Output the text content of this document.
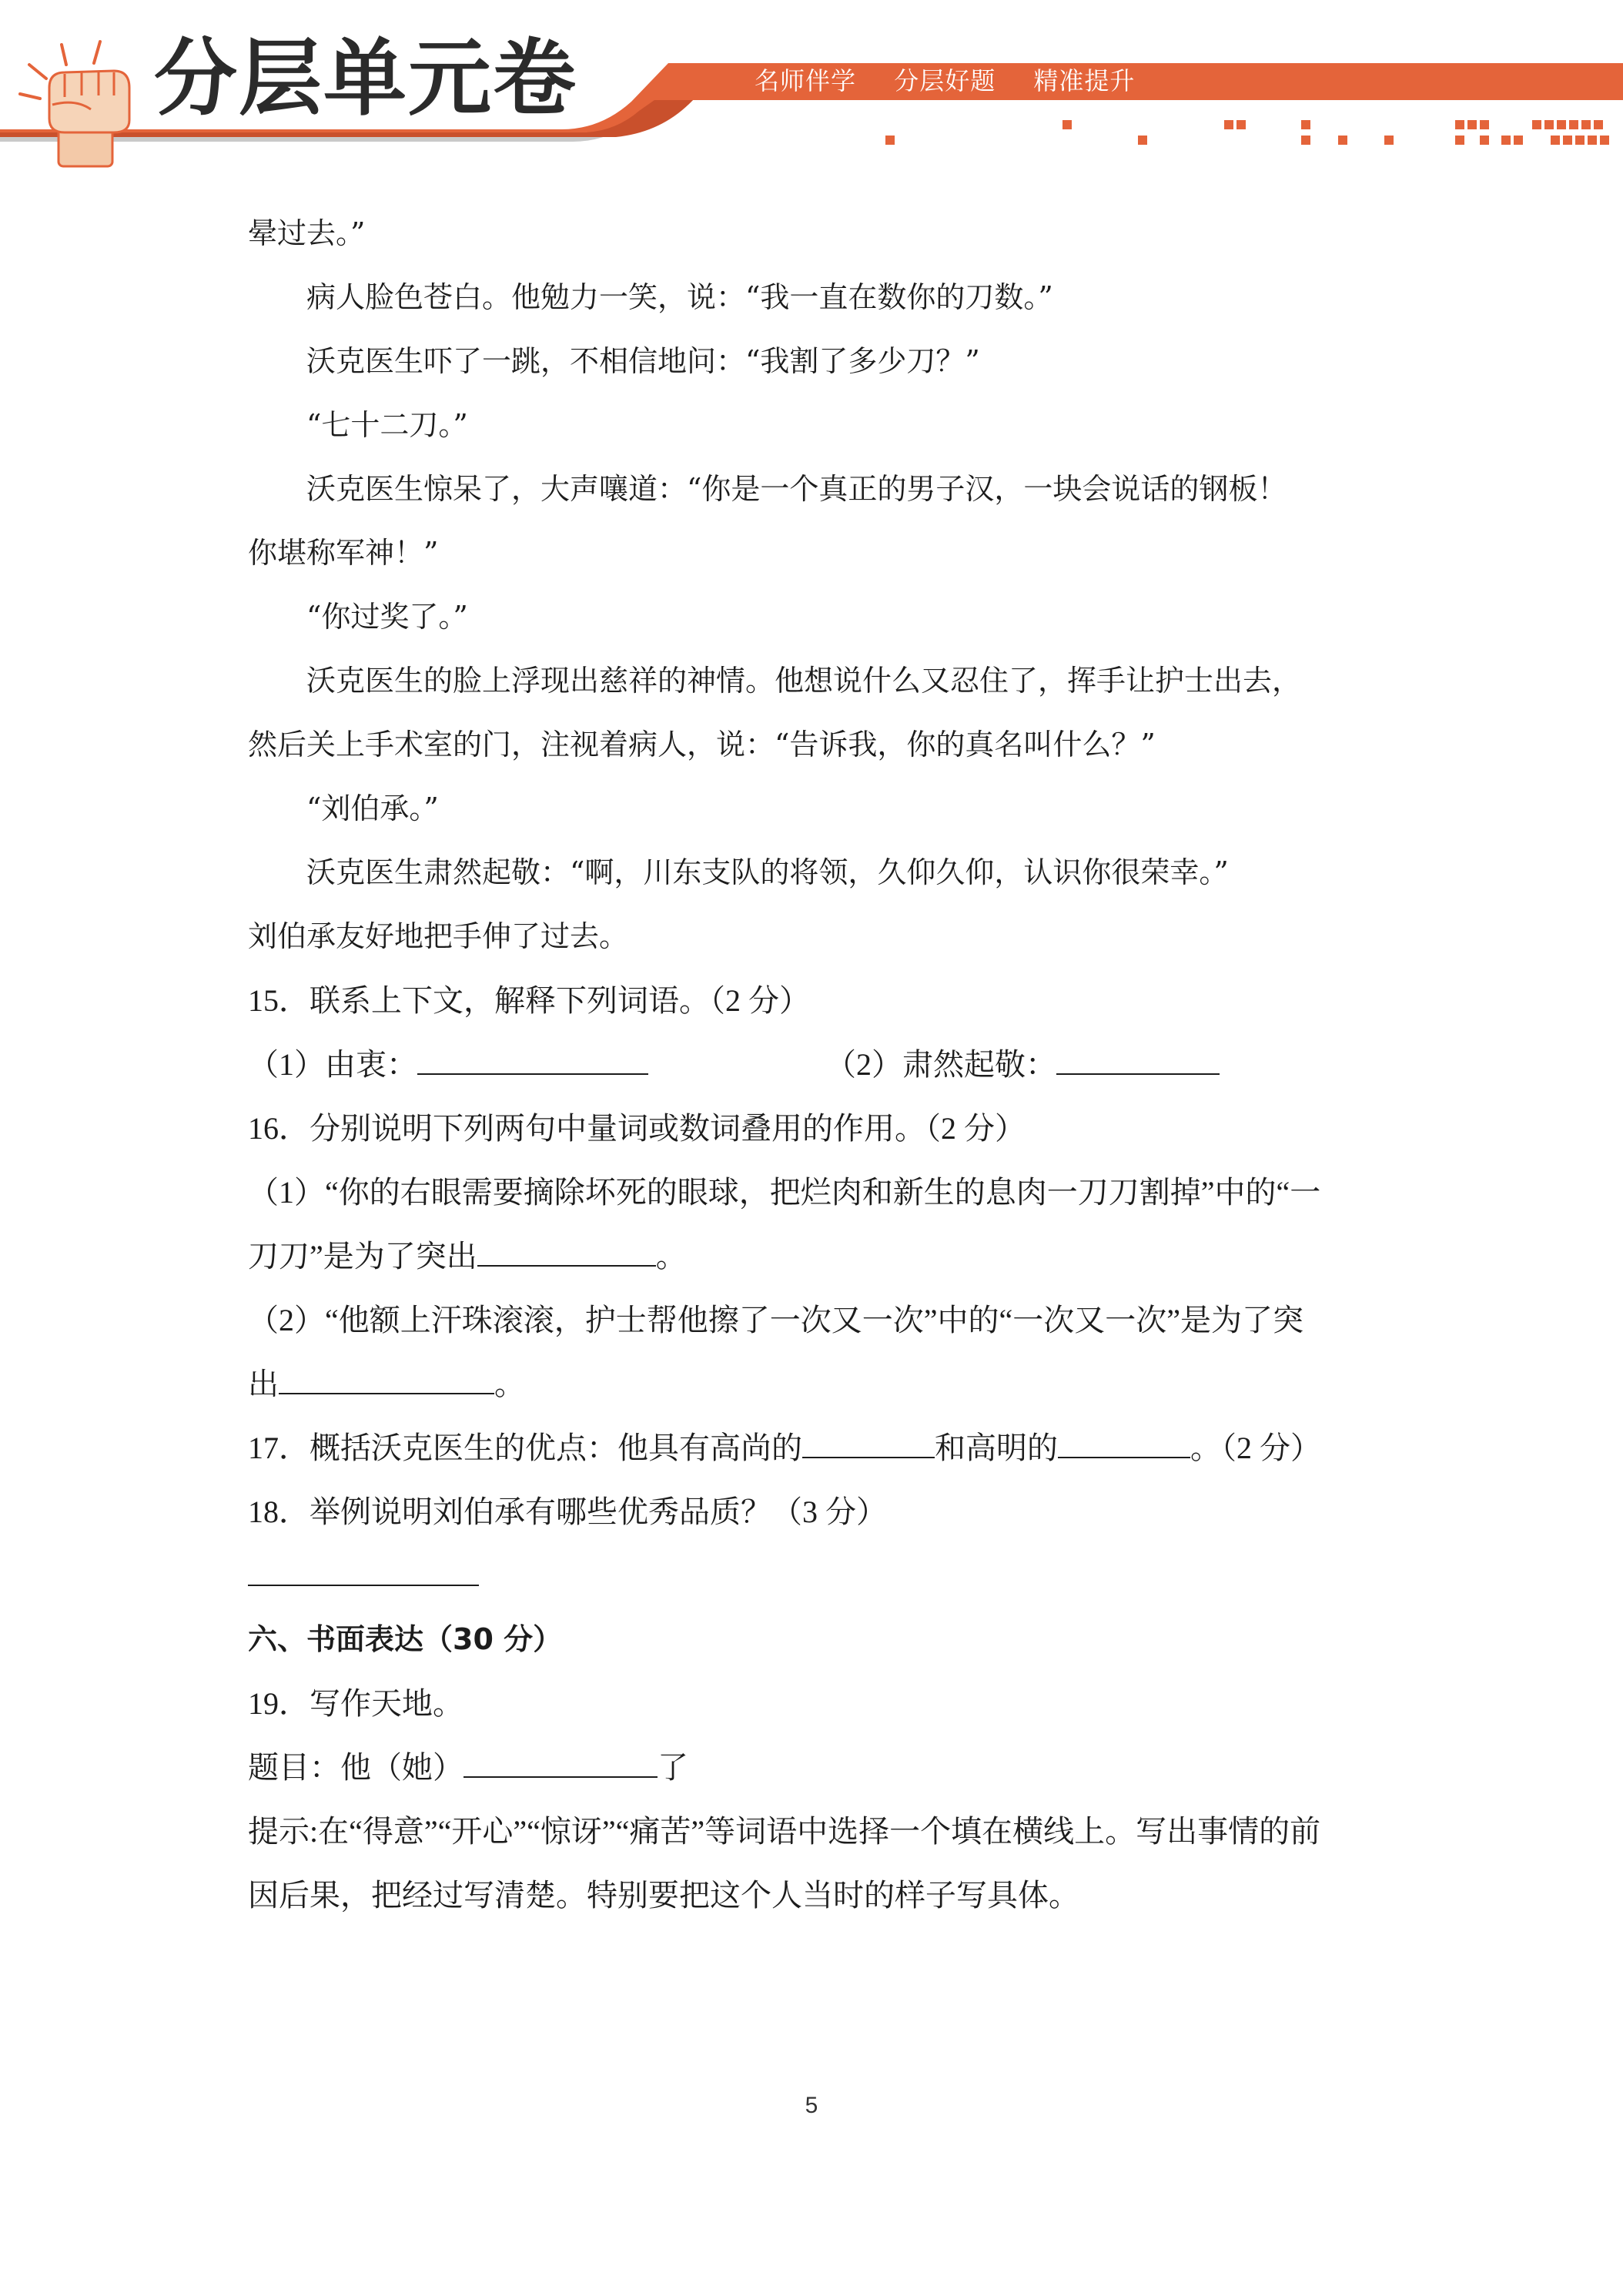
分层单元卷	名师伴学 分层好题 精准提升

晕过去。”

病人脸色苍白。他勉力一笑，说：“我一直在数你的刀数。”

沃克医生吓了一跳，不相信地问：“我割了多少刀？”

“七十二刀。”

沃克医生惊呆了，大声嚷道：“你是一个真正的男子汉，一块会说话的钢板！

你堪称军神！”

“你过奖了。”

沃克医生的脸上浮现出慈祥的神情。他想说什么又忍住了，挥手让护士出去，

然后关上手术室的门，注视着病人，说：“告诉我，你的真名叫什么？”

“刘伯承。”

沃克医生肃然起敬：“啊，川东支队的将领，久仰久仰，认识你很荣幸。”

刘伯承友好地把手伸了过去。

15．联系上下文，解释下列词语。（2 分）

（1）由衷：	（2）肃然起敬：

16．分别说明下列两句中量词或数词叠用的作用。（2 分）

（1）“你的右眼需要摘除坏死的眼球，把烂肉和新生的息肉一刀刀割掉”中的“一

刀刀”是为了突出	。

（2）“他额上汗珠滚滚，护士帮他擦了一次又一次”中的“一次又一次”是为了突

出	。

17．概括沃克医生的优点：他具有高尚的	和高明的	。（2 分）

18．举例说明刘伯承有哪些优秀品质？（3 分）

六、书面表达（30 分）

19．写作天地。

题目：他（她）	了

提示:在“得意”“开心”“惊讶”“痛苦”等词语中选择一个填在横线上。写出事情的前

因后果，把经过写清楚。特别要把这个人当时的样子写具体。

5
